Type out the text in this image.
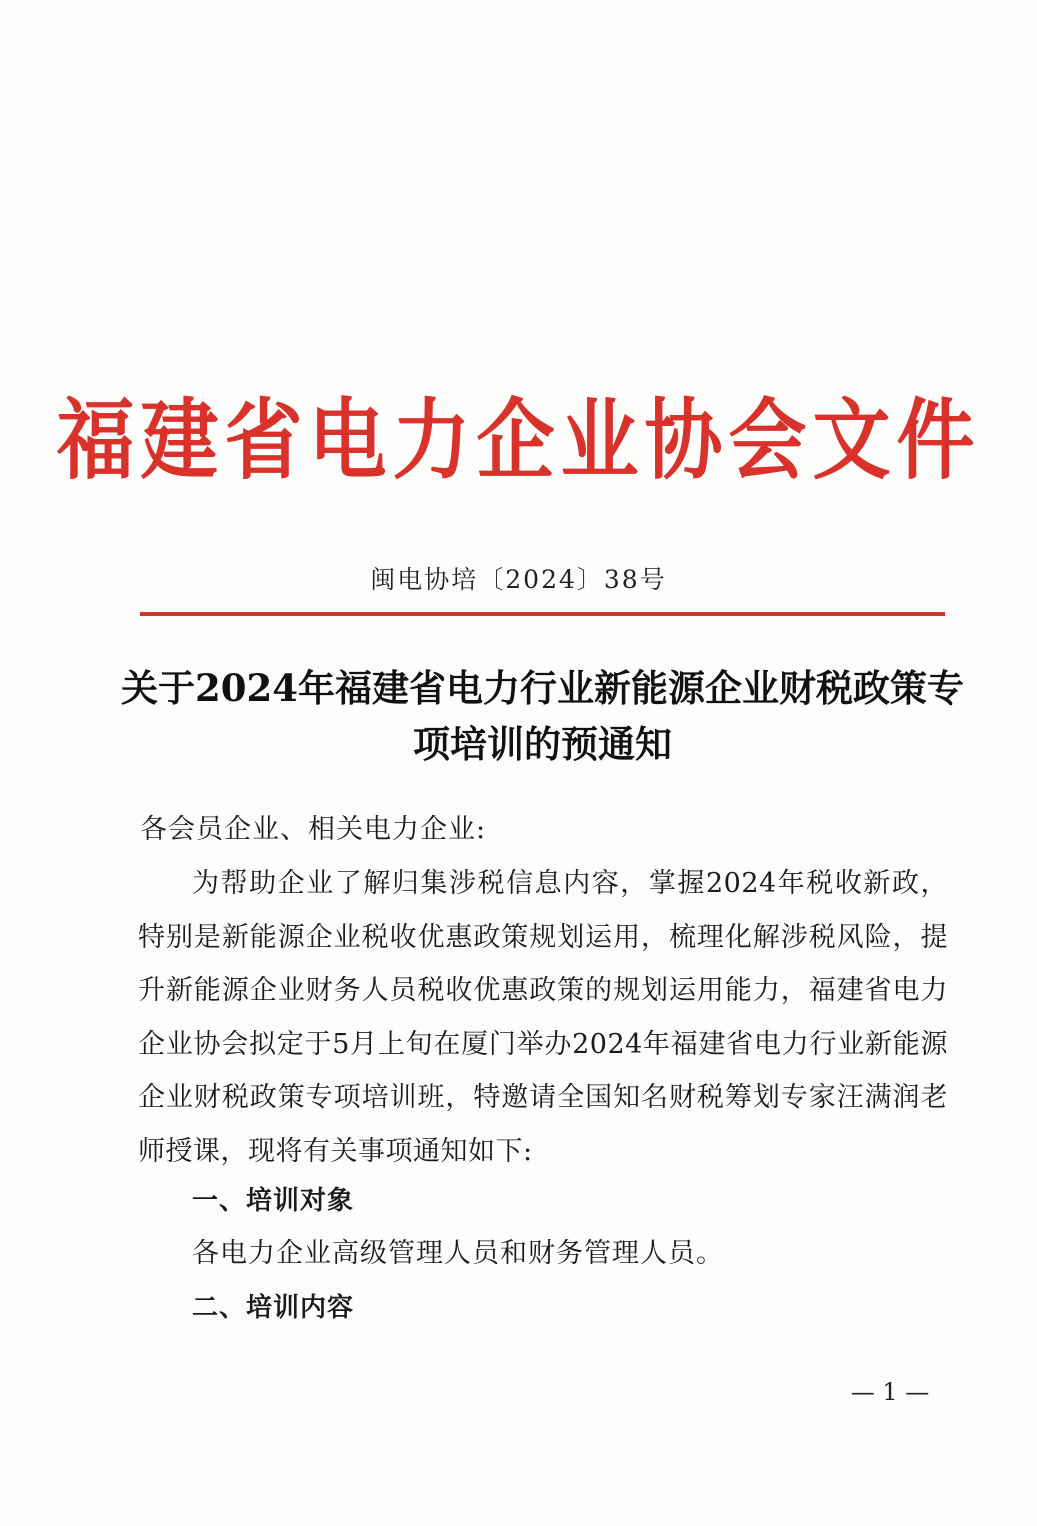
福建省电力企业协会文件
闽电协培〔2024〕38号
关于2024年福建省电力行业新能源企业财税政策专项培训的预通知
各会员企业、相关电力企业:
为帮助企业了解归集涉税信息内容，掌握2024年税收新政，特别是新能源企业税收优惠政策规划运用，梳理化解涉税风险，提升新能源企业财务人员税收优惠政策的规划运用能力，福建省电力企业协会拟定于5月上旬在厦门举办2024年福建省电力行业新能源企业财税政策专项培训班，特邀请全国知名财税筹划专家汪满润老师授课，现将有关事项通知如下:
一、培训对象
各电力企业高级管理人员和财务管理人员。
二、培训内容
— 1 —
